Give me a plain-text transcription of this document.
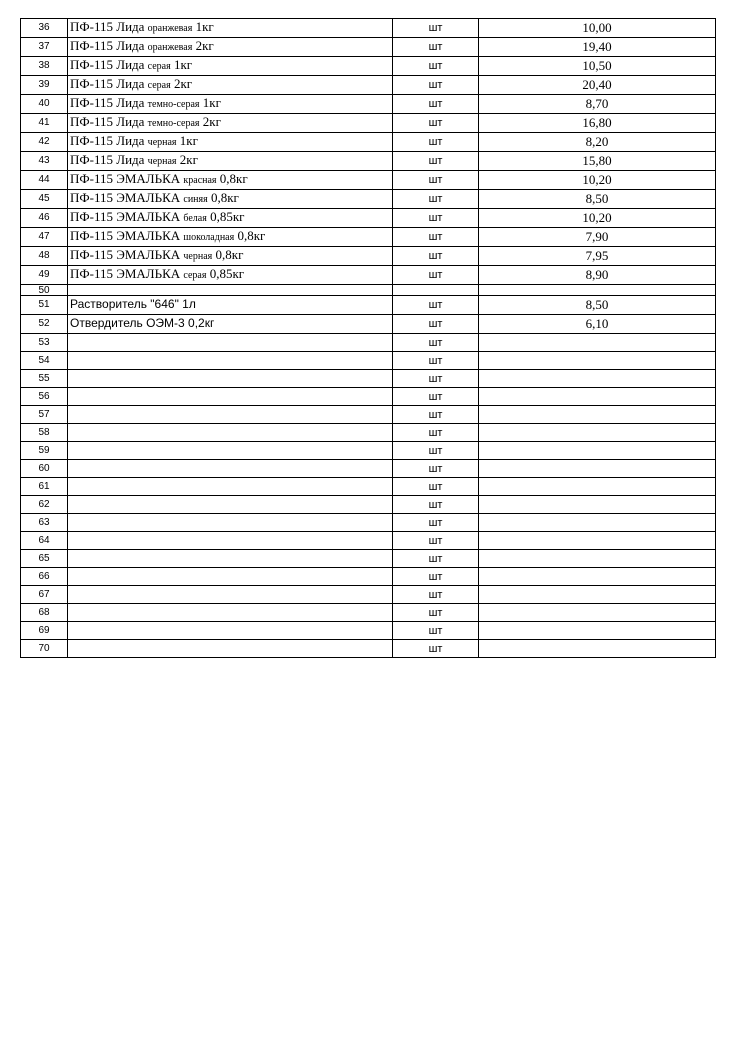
36	ПФ-115 Лида оранжевая 1кг	шт	10,00
37	ПФ-115 Лида оранжевая 2кг	шт	19,40
38	ПФ-115 Лида серая 1кг	шт	10,50
39	ПФ-115 Лида серая 2кг	шт	20,40
40	ПФ-115 Лида темно-серая 1кг	шт	8,70
41	ПФ-115 Лида темно-серая 2кг	шт	16,80
42	ПФ-115 Лида черная 1кг	шт	8,20
43	ПФ-115 Лида черная 2кг	шт	15,80
44	ПФ-115 ЭМАЛЬКА красная 0,8кг	шт	10,20
45	ПФ-115 ЭМАЛЬКА синяя 0,8кг	шт	8,50
46	ПФ-115 ЭМАЛЬКА белая 0,85кг	шт	10,20
47	ПФ-115 ЭМАЛЬКА шоколадная 0,8кг	шт	7,90
48	ПФ-115 ЭМАЛЬКА черная 0,8кг	шт	7,95
49	ПФ-115 ЭМАЛЬКА серая 0,85кг	шт	8,90
50			
51	Растворитель "646" 1л	шт	8,50
52	Отвердитель ОЭМ-3 0,2кг	шт	6,10
53		шт	
54		шт	
55		шт	
56		шт	
57		шт	
58		шт	
59		шт	
60		шт	
61		шт	
62		шт	
63		шт	
64		шт	
65		шт	
66		шт	
67		шт	
68		шт	
69		шт	
70		шт	
